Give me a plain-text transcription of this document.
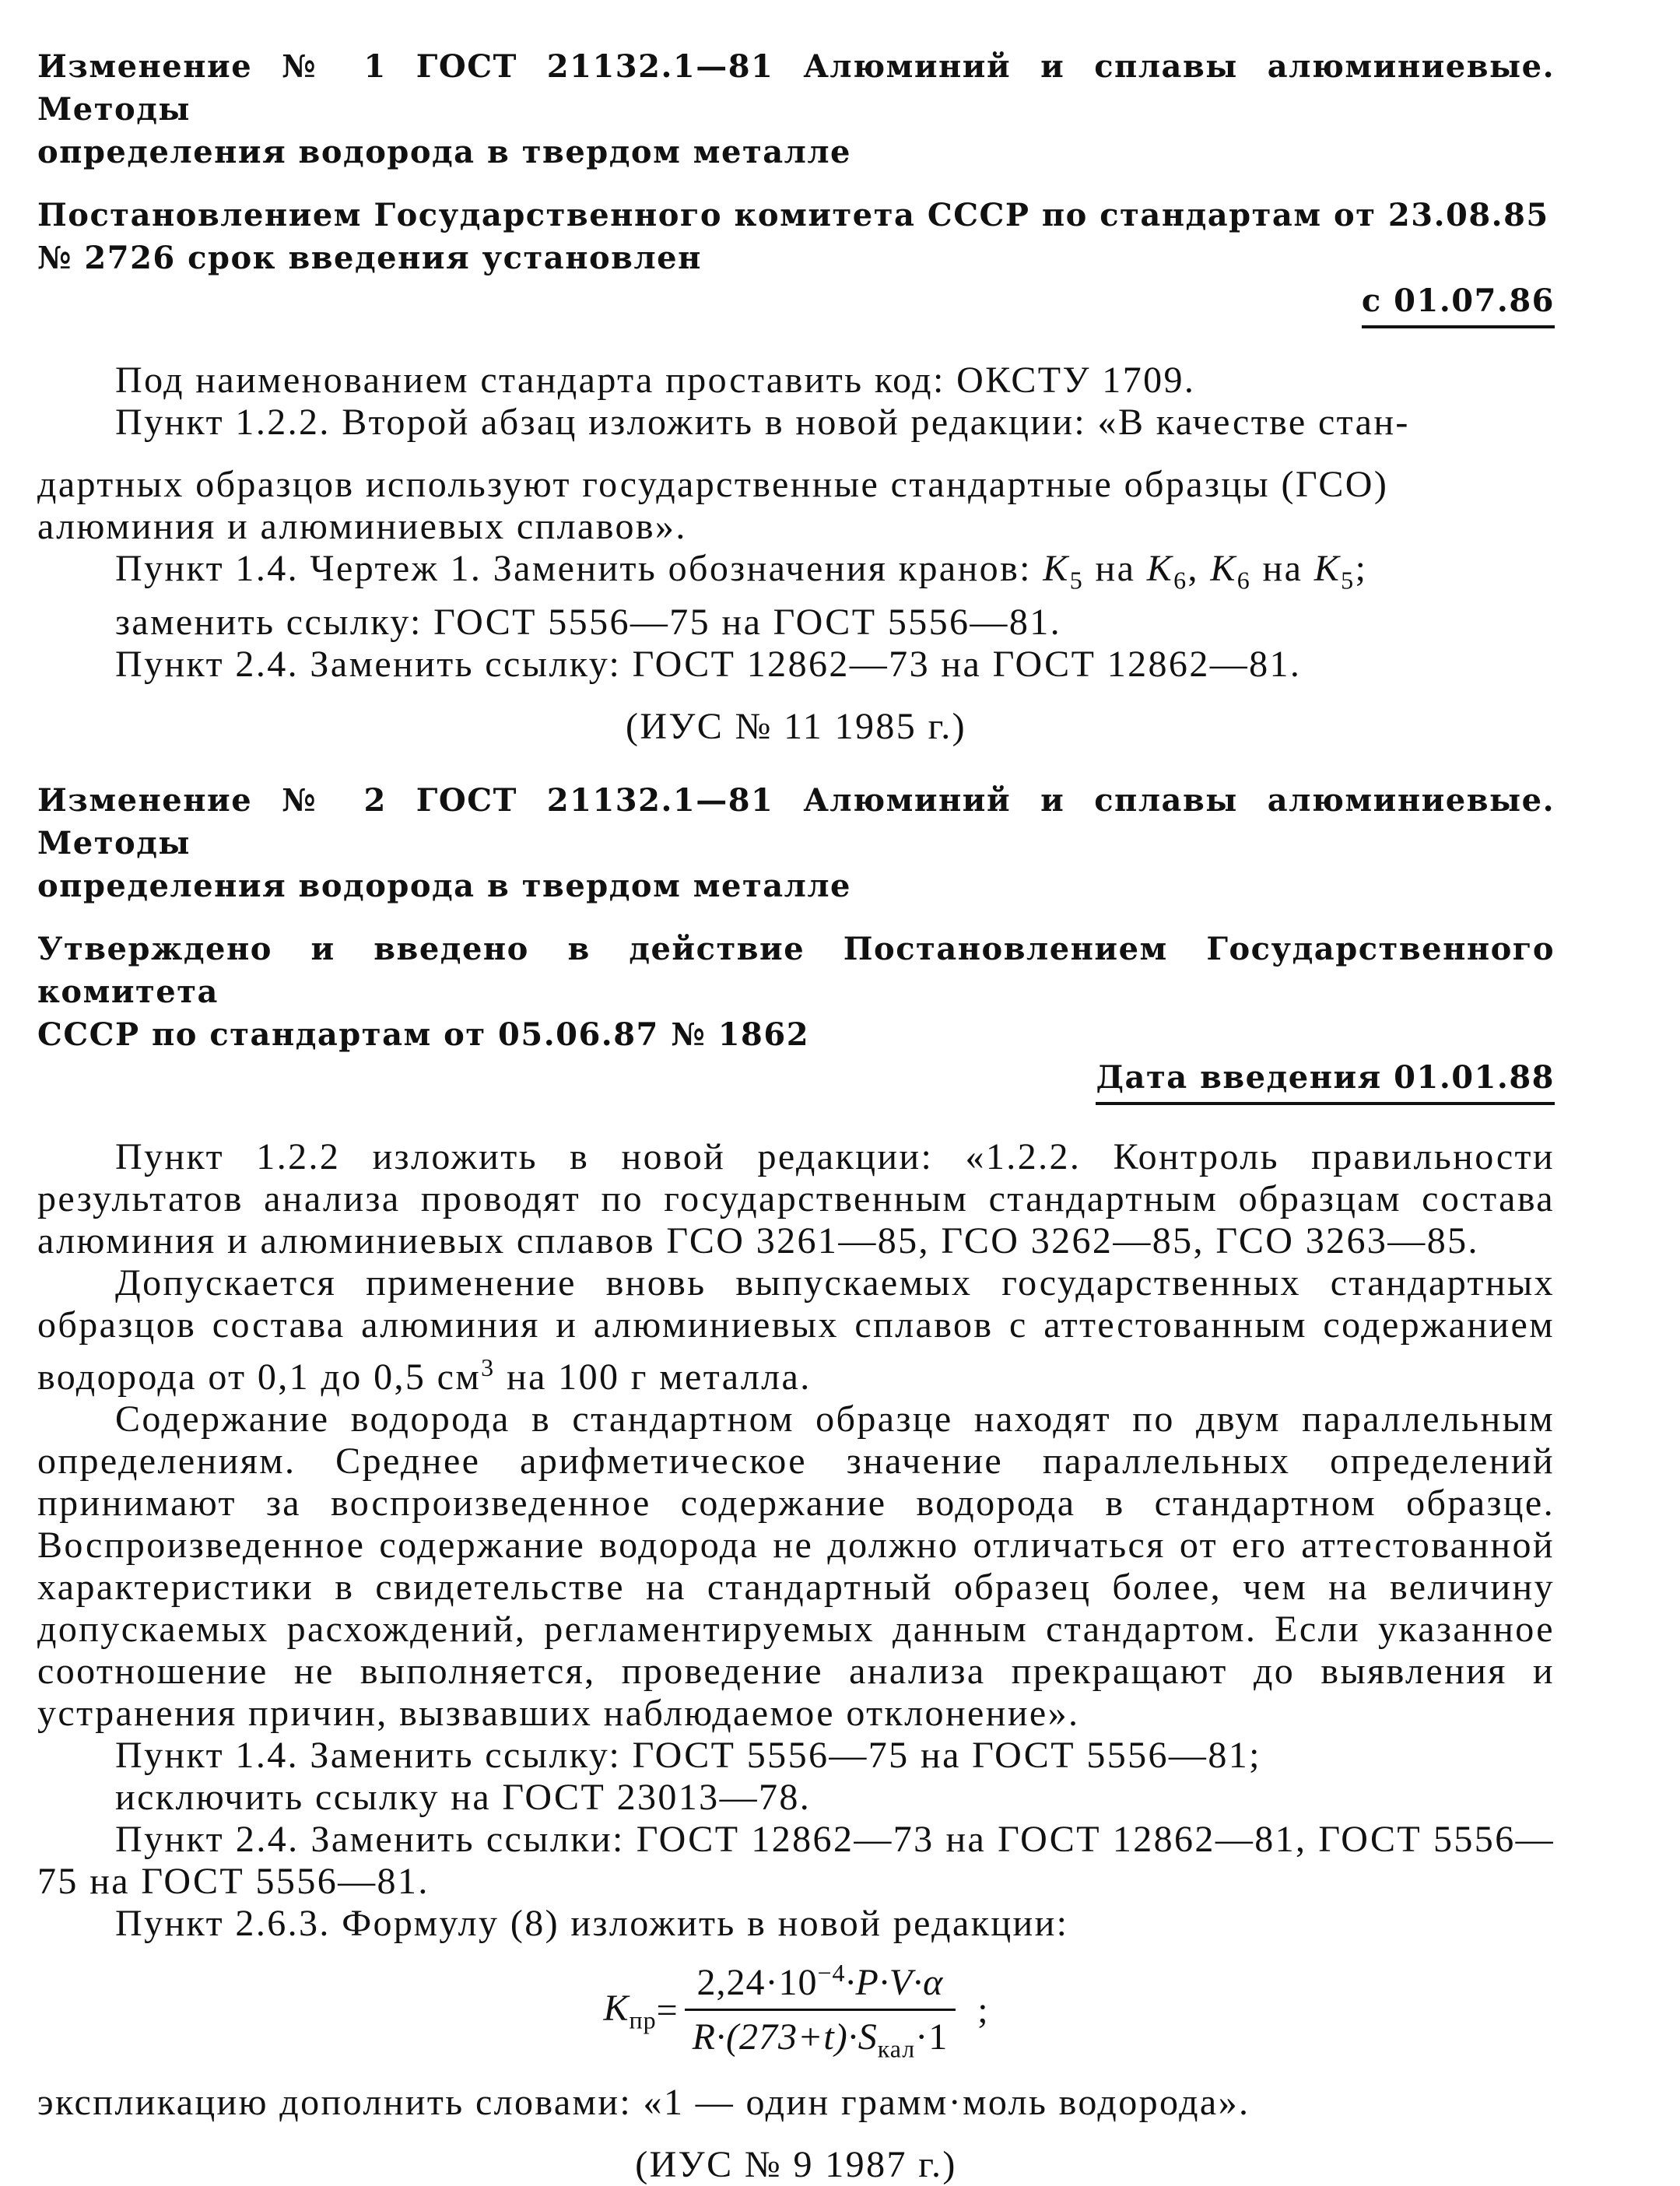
Изменение № 1 ГОСТ 21132.1—81 Алюминий и сплавы алюминиевые. Методы
определения водорода в твердом металле

Постановлением Государственного комитета СССР по стандартам от 23.08.85
№ 2726 срок введения установлен

с 01.07.86

Под наименованием стандарта проставить код: ОКСТУ 1709.

Пункт 1.2.2. Второй абзац изложить в новой редакции: «В качестве стан-

дартных образцов используют государственные стандартные образцы (ГСО)

алюминия и алюминиевых сплавов».

Пункт 1.4. Чертеж 1. Заменить обозначения кранов: $K_5$ на $K_6$, $K_6$ на $K_5$;

заменить ссылку: ГОСТ 5556—75 на ГОСТ 5556—81.

Пункт 2.4. Заменить ссылку: ГОСТ 12862—73 на ГОСТ 12862—81.

(ИУС № 11 1985 г.)

Изменение № 2 ГОСТ 21132.1—81 Алюминий и сплавы алюминиевые. Методы
определения водорода в твердом металле

Утверждено и введено в действие Постановлением Государственного комитета
СССР по стандартам от 05.06.87 № 1862

Дата введения 01.01.88

Пункт 1.2.2 изложить в новой редакции: «1.2.2. Контроль правильности результатов анализа проводят по государственным стандартным образцам состава алюминия и алюминиевых сплавов ГСО 3261—85, ГСО 3262—85, ГСО 3263—85.

Допускается применение вновь выпускаемых государственных стандартных образцов состава алюминия и алюминиевых сплавов с аттестованным содержанием водорода от 0,1 до 0,5 $см^3$ на 100 г металла.

Содержание водорода в стандартном образце находят по двум параллельным определениям. Среднее арифметическое значение параллельных определений принимают за воспроизведенное содержание водорода в стандартном образце. Воспроизведенное содержание водорода не должно отличаться от его аттестованной характеристики в свидетельстве на стандартный образец более, чем на величину допускаемых расхождений, регламентируемых данным стандартом. Если указанное соотношение не выполняется, проведение анализа прекращают до выявления и устранения причин, вызвавших наблюдаемое отклонение».

Пункт 1.4. Заменить ссылку: ГОСТ 5556—75 на ГОСТ 5556—81;

исключить ссылку на ГОСТ 23013—78.

Пункт 2.4. Заменить ссылки: ГОСТ 12862—73 на ГОСТ 12862—81, ГОСТ 5556—75 на ГОСТ 5556—81.

Пункт 2.6.3. Формулу (8) изложить в новой редакции:

$K_{пр} = \frac{2,24\cdot 10^{-4}\cdot P\cdot V\cdot\alpha}{R\cdot(273+t)\cdot S_{кал}\cdot 1}$ ;

экспликацию дополнить словами: «1 — один грамм·моль водорода».

(ИУС № 9 1987 г.)
